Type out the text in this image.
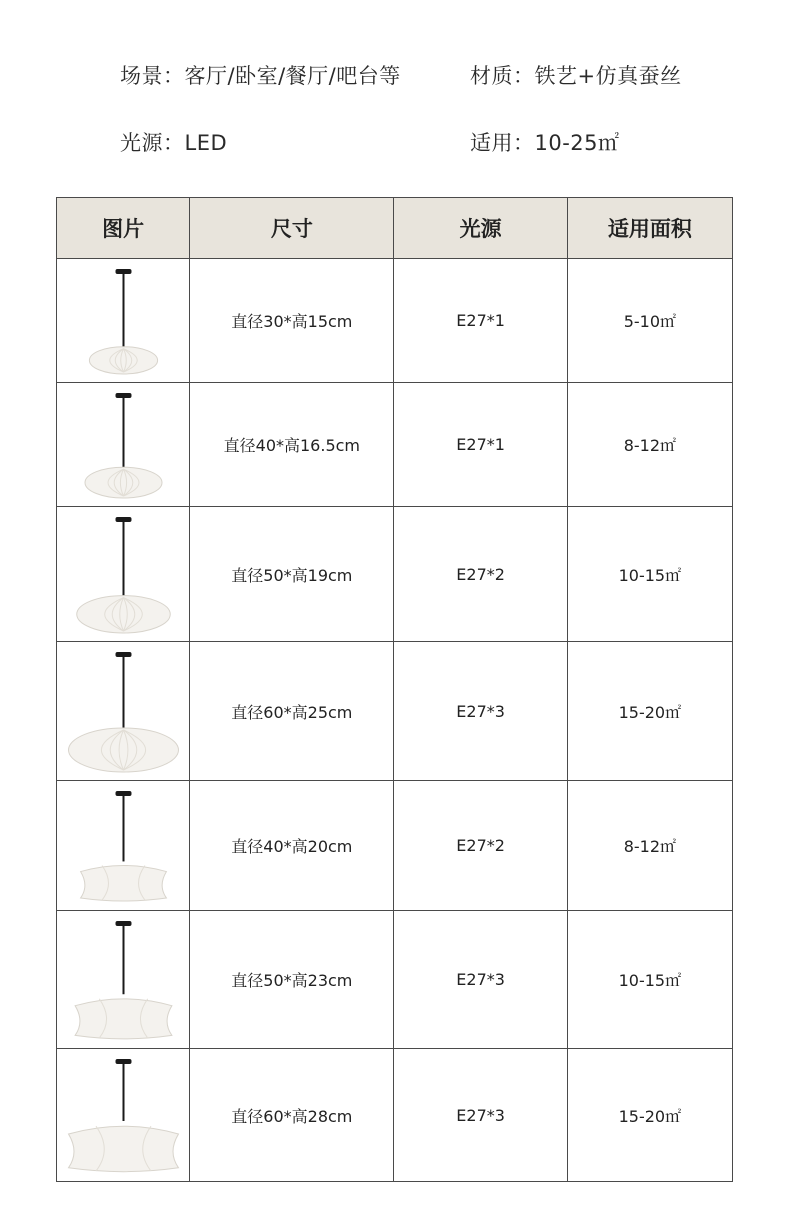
场景 ： 客厅/卧室/餐厅/吧台等	材质 ： 铁艺+仿真蚕丝
光源 ： LED	适用 ： 10-25㎡
图片	尺寸	光源	适用面积

	直径30*高15cm	E27*1	5-10㎡

	直径40*高16.5cm	E27*1	8-12㎡

	直径50*高19cm	E27*2	10-15㎡

	直径60*高25cm	E27*3	15-20㎡

	直径40*高20cm	E27*2	8-12㎡

	直径50*高23cm	E27*3	10-15㎡

	直径60*高28cm	E27*3	15-20㎡
